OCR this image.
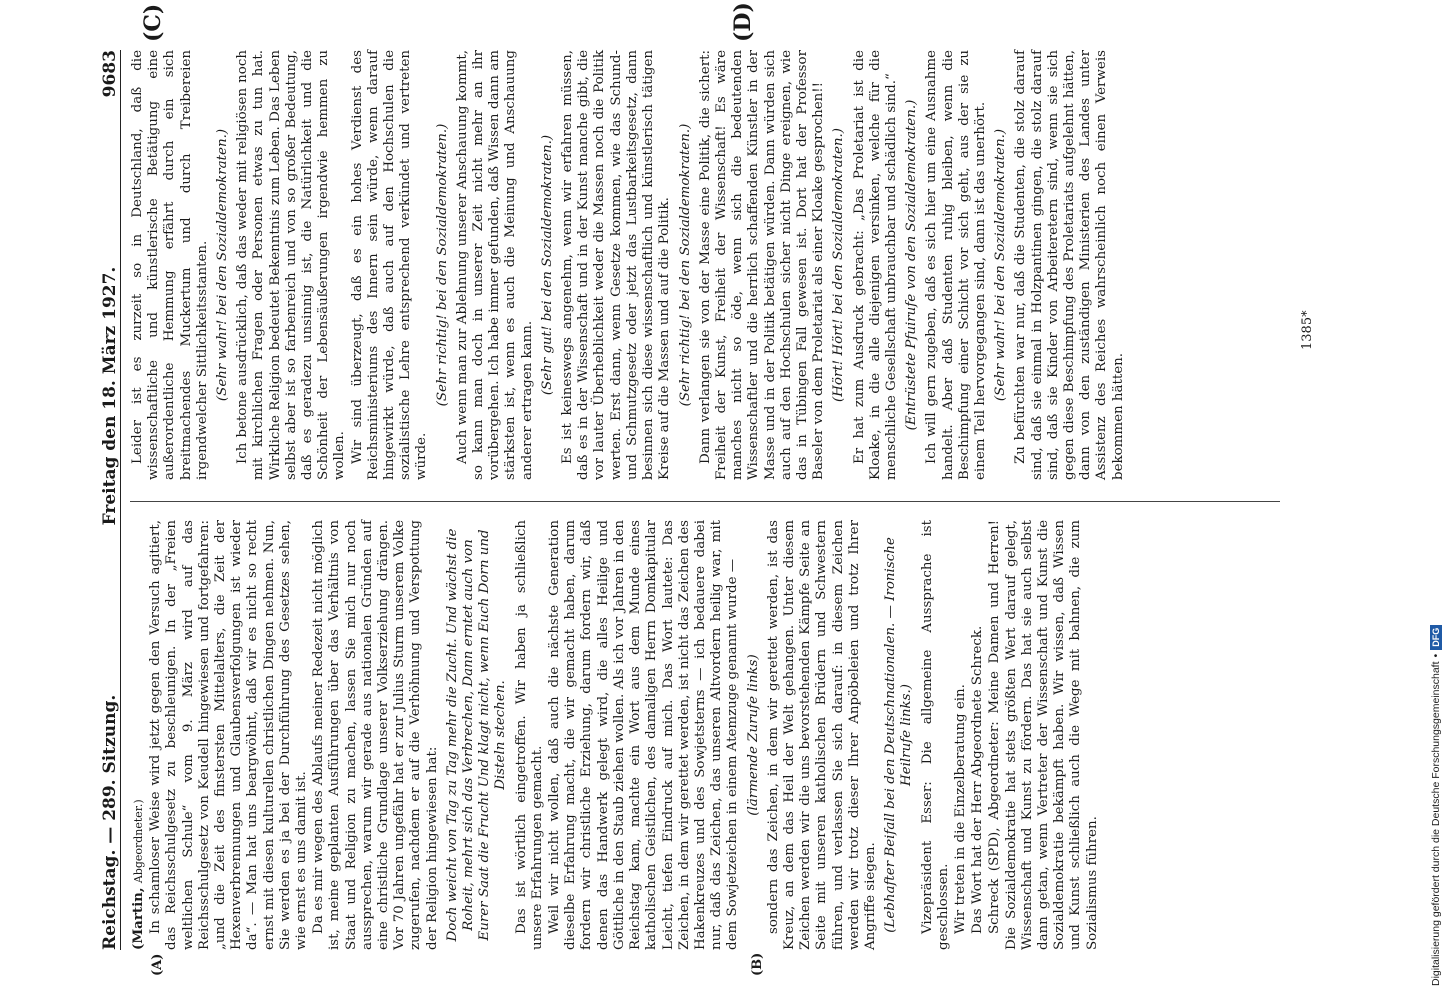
Reichstag. — 289. Sitzung.
Freitag den 18. März 1927.
9683
(A)	(B)
(C)	(D)

(Martin, Abgeordneter.) In schamloser Weise wird jetzt gegen den Versuch agitiert, das Reichsschulgesetz zu beschleunigen. In der „Freien weltlichen Schule“ vom 9. März wird auf das Reichsschulgesetz von Keudell hingewiesen und fortgefahren: „und die Zeit des finstersten Mittelalters, die Zeit der Hexenverbrennungen und Glaubensverfolgungen ist wieder da“. — Man hat uns beargwöhnt, daß wir es nicht so recht ernst mit diesen kulturellen christlichen Dingen nehmen. Nun, Sie werden es ja bei der Durchführung des Gesetzes sehen, wie ernst es uns damit ist. Da es mir wegen des Ablaufs meiner Redezeit nicht möglich ist, meine geplanten Ausführungen über das Verhältnis von Staat und Religion zu machen, lassen Sie mich nur noch aussprechen, warum wir gerade aus nationalen Gründen auf eine christliche Grundlage unserer Volkserziehung drängen. Vor 70 Jahren ungefähr hat er zur Julius Sturm unserem Volke zugerufen, nachdem er auf die Verhöhnung und Verspottung der Religion hingewiesen hat: Doch weicht von Tag zu Tag mehr die Zucht. Und wächst die Roheit, mehrt sich das Verbrechen, Dann erntet auch von Eurer Saat die Frucht Und klagt nicht, wenn Euch Dorn und Disteln stechen. Das ist wörtlich eingetroffen. Wir haben ja schließlich unsere Erfahrungen gemacht. Weil wir nicht wollen, daß auch die nächste Generation dieselbe Erfahrung macht, die wir gemacht haben, darum fordern wir christliche Erziehung, darum fordern wir, daß denen das Handwerk gelegt wird, die alles Heilige und Göttliche in den Staub ziehen wollen. Als ich vor Jahren in den Reichstag kam, machte ein Wort aus dem Munde eines katholischen Geistlichen, des damaligen Herrn Domkapitular Leicht, tiefen Eindruck auf mich. Das Wort lautete: Das Zeichen, in dem wir gerettet werden, ist nicht das Zeichen des Hakenkreuzes und des Sowjetsterns — ich bedauere dabei nur, daß das Zeichen, das unseren Altvordern heilig war, mit dem Sowjetzeichen in einem Atemzuge genannt wurde — (lärmende Zurufe links) sondern das Zeichen, in dem wir gerettet werden, ist das Kreuz, an dem das Heil der Welt gehangen. Unter diesem Zeichen werden wir die uns bevorstehenden Kämpfe Seite an Seite mit unseren katholischen Brüdern und Schwestern führen, und verlassen Sie sich darauf: in diesem Zeichen werden wir trotz dieser Ihrer Anpöbeleien und trotz Ihrer Angriffe siegen. (Lebhafter Beifall bei den Deutschnationalen. — Ironische Heilrufe links.) Vizepräsident Esser: Die allgemeine Aussprache ist geschlossen. Wir treten in die Einzelberatung ein. Das Wort hat der Herr Abgeordnete Schreck. Schreck (SPD), Abgeordneter: Meine Damen und Herren! Die Sozialdemokratie hat stets größten Wert darauf gelegt, Wissenschaft und Kunst zu fördern. Das hat sie auch selbst dann getan, wenn Vertreter der Wissenschaft und Kunst die Sozialdemokratie bekämpft haben. Wir wissen, daß Wissen und Kunst schließlich auch die Wege mit bahnen, die zum Sozialismus führen.

Leider ist es zurzeit so in Deutschland, daß die wissenschaftliche und künstlerische Betätigung eine außerordentliche Hemmung erfährt durch ein sich breitmachendes Muckertum und durch Treibereien irgendwelcher Sittlichkeitsstanten. (Sehr wahr! bei den Sozialdemokraten.) Ich betone ausdrücklich, daß das weder mit religiösen noch mit kirchlichen Fragen oder Personen etwas zu tun hat. Wirkliche Religion bedeutet Bekenntnis zum Leben. Das Leben selbst aber ist so farbenreich und von so großer Bedeutung, daß es geradezu unsinnig ist, die Natürlichkeit und die Schönheit der Lebensäußerungen irgendwie hemmen zu wollen. Wir sind überzeugt, daß es ein hohes Verdienst des Reichsministeriums des Innern sein würde, wenn darauf hingewirkt würde, daß auch auf den Hochschulen die sozialistische Lehre entsprechend verkündet und vertreten würde.

(Sehr richtig! bei den Sozialdemokraten.) Auch wenn man zur Ablehnung unserer Anschauung kommt, so kann man doch in unserer Zeit nicht mehr an ihr vorübergehen. Ich habe immer gefunden, daß Wissen dann am stärksten ist, wenn es auch die Meinung und Anschauung anderer ertragen kann.

(Sehr gut! bei den Sozialdemokraten.) Es ist keineswegs angenehm, wenn wir erfahren müssen, daß es in der Wissenschaft und in der Kunst manche gibt, die vor lauter Überheblichkeit weder die Massen noch die Politik werten. Erst dann, wenn Gesetze kommen, wie das Schund- und Schmutzgesetz oder jetzt das Lustbarkeitsgesetz, dann besinnen sich diese wissenschaftlich und künstlerisch tätigen Kreise auf die Massen und auf die Politik. (Sehr richtig! bei den Sozialdemokraten.) Dann verlangen sie von der Masse eine Politik, die sichert: Freiheit der Kunst, Freiheit der Wissenschaft! Es wäre manches nicht so öde, wenn sich die bedeutenden Wissenschaftler und die herrlich schaffenden Künstler in der Masse und in der Politik betätigen würden. Dann würden sich auch auf den Hochschulen sicher nicht Dinge ereignen, wie das in Tübingen Fall gewesen ist. Dort hat der Professor Baseler von dem Proletariat als einer Kloake gesprochen!! (Hört! Hört! bei den Sozialdemokraten.) Er hat zum Ausdruck gebracht: „Das Proletariat ist die Kloake, in die alle diejenigen versinken, welche für die menschliche Gesellschaft unbrauchbar und schädlich sind.“ (Entrüstete Pfuirufe von den Sozialdemokraten.) Ich will gern zugeben, daß es sich hier um eine Ausnahme handelt. Aber daß Studenten ruhig bleiben, wenn die Beschimpfung einer Schicht vor sich geht, aus der sie zu einem Teil hervorgegangen sind, dann ist das unerhört. (Sehr wahr! bei den Sozialdemokraten.) Zu befürchten war nur, daß die Studenten, die stolz darauf sind, daß sie einmal in Holzpantinen gingen, die stolz darauf sind, daß sie Kinder von Arbeiteretern sind, wenn sie sich gegen diese Beschimpfung des Proletariats aufgelehnt hätten, dann von den zuständigen Ministerien des Landes unter Assistenz des Reiches wahrscheinlich noch einen Verweis bekommen hätten.

1385*
Digitalisierung gefördert durch die Deutsche Forschungsgemeinschaft
•
DFG
